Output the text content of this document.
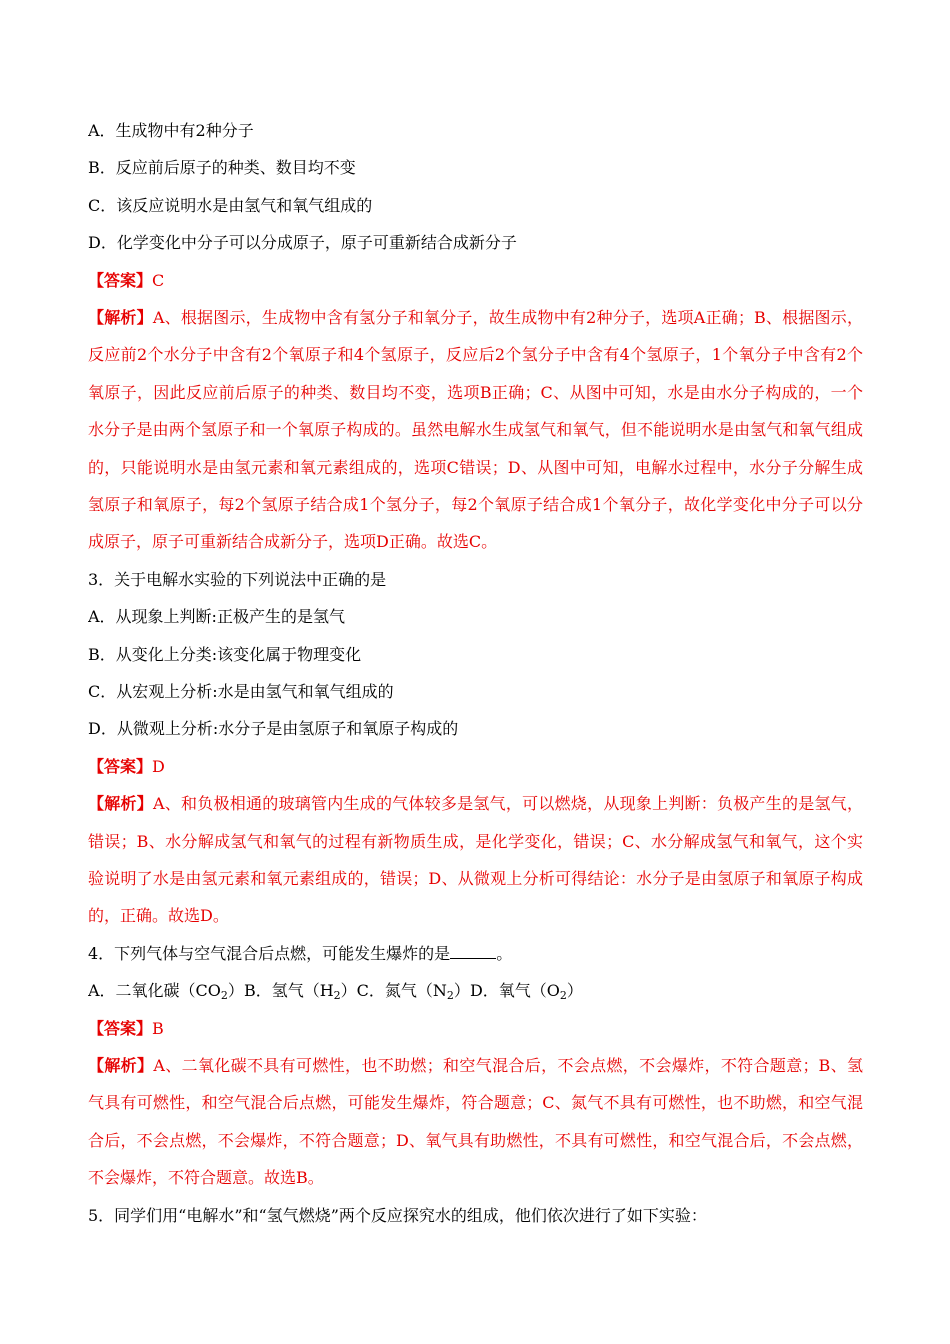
A．生成物中有2种分子
B．反应前后原子的种类、数目均不变
C．该反应说明水是由氢气和氧气组成的
D．化学变化中分子可以分成原子，原子可重新结合成新分子
【答案】C
【解析】A、根据图示，生成物中含有氢分子和氧分子，故生成物中有2种分子，选项A正确；B、根据图示，反应前2个水分子中含有2个氧原子和4个氢原子，反应后2个氢分子中含有4个氢原子，1个氧分子中含有2个氧原子，因此反应前后原子的种类、数目均不变，选项B正确；C、从图中可知，水是由水分子构成的，一个水分子是由两个氢原子和一个氧原子构成的。虽然电解水生成氢气和氧气，但不能说明水是由氢气和氧气组成的，只能说明水是由氢元素和氧元素组成的，选项C错误；D、从图中可知，电解水过程中，水分子分解生成氢原子和氧原子，每2个氢原子结合成1个氢分子，每2个氧原子结合成1个氧分子，故化学变化中分子可以分成原子，原子可重新结合成新分子，选项D正确。故选C。
3．关于电解水实验的下列说法中正确的是
A．从现象上判断:正极产生的是氢气
B．从变化上分类:该变化属于物理变化
C．从宏观上分析:水是由氢气和氧气组成的
D．从微观上分析:水分子是由氢原子和氧原子构成的
【答案】D
【解析】A、和负极相通的玻璃管内生成的气体较多是氢气，可以燃烧，从现象上判断：负极产生的是氢气，错误；B、水分解成氢气和氧气的过程有新物质生成，是化学变化，错误；C、水分解成氢气和氧气，这个实验说明了水是由氢元素和氧元素组成的，错误；D、从微观上分析可得结论：水分子是由氢原子和氧原子构成的，正确。故选D。
4．下列气体与空气混合后点燃，可能发生爆炸的是	。
A．二氧化碳$(CO_2)B$．氢气$(H_2)C$．氮气$(N_2)D$．氧气$(O_2)$
【答案】B
【解析】A、二氧化碳不具有可燃性，也不助燃；和空气混合后，不会点燃，不会爆炸，不符合题意；B、氢气具有可燃性，和空气混合后点燃，可能发生爆炸，符合题意；C、氮气不具有可燃性，也不助燃，和空气混合后，不会点燃，不会爆炸，不符合题意；D、氧气具有助燃性，不具有可燃性，和空气混合后，不会点燃，不会爆炸，不符合题意。故选B。
5．同学们用“电解水”和“氢气燃烧”两个反应探究水的组成，他们依次进行了如下实验：
